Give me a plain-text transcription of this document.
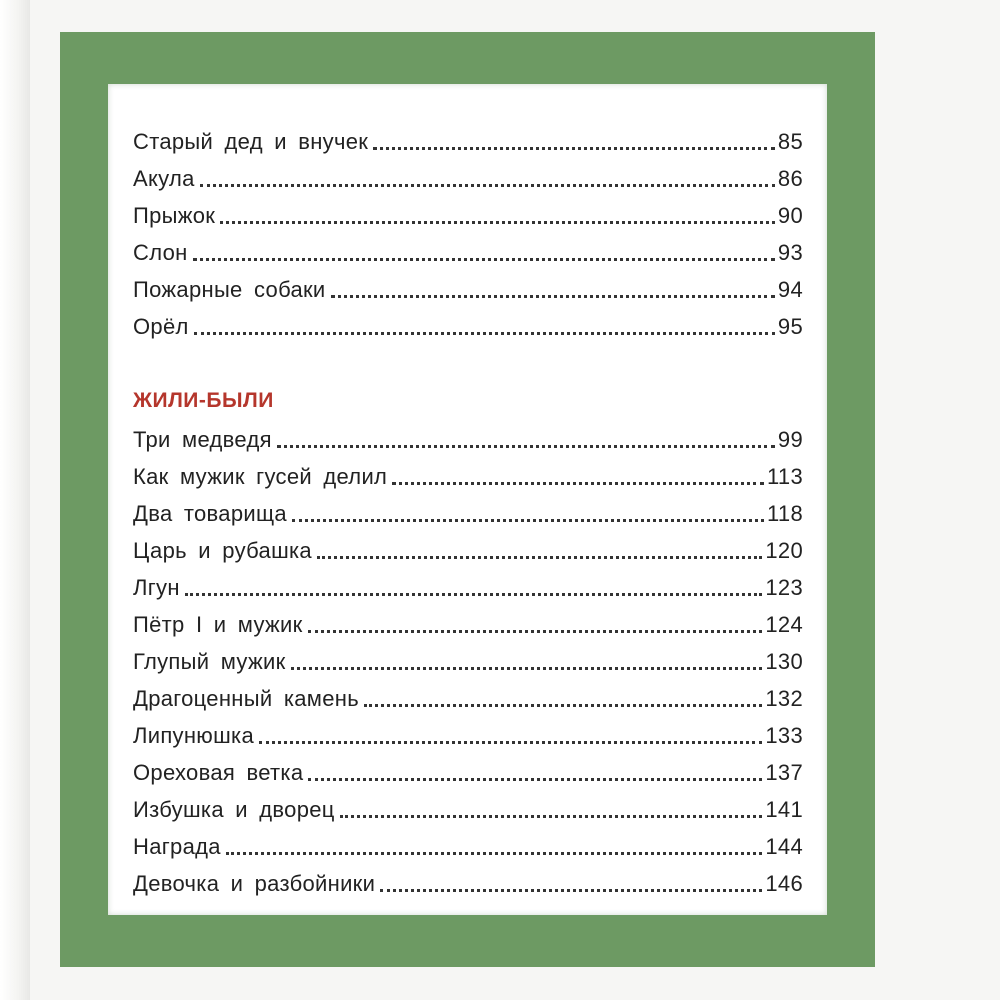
Старый дед и внучек	85
Акула	86
Прыжок	90
Слон	93
Пожарные собаки	94
Орёл	95
ЖИЛИ-БЫЛИ
Три медведя	99
Как мужик гусей делил	113
Два товарища	118
Царь и рубашка	120
Лгун	123
Пётр I и мужик	124
Глупый мужик	130
Драгоценный камень	132
Липунюшка	133
Ореховая ветка	137
Избушка и дворец	141
Награда	144
Девочка и разбойники	146
